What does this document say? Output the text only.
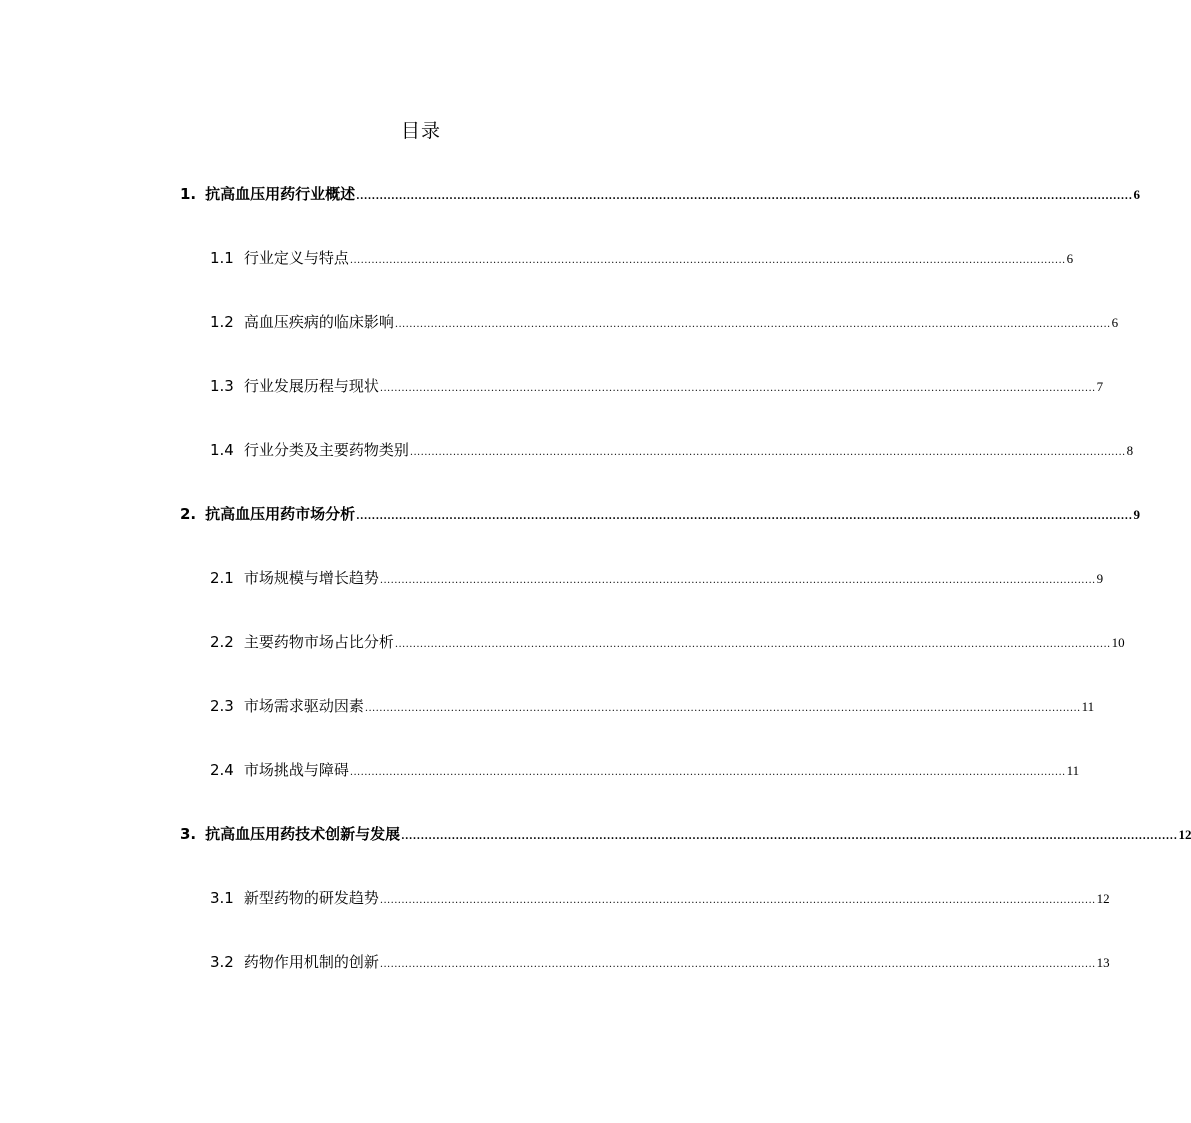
目录
1. 抗高血压用药行业概述 ........................................................................................................................................................................................................ 6
1.1 行业定义与特点 ........................................................................................................................................................................................................ 6
1.2 高血压疾病的临床影响 ........................................................................................................................................................................................................ 6
1.3 行业发展历程与现状 ........................................................................................................................................................................................................ 7
1.4 行业分类及主要药物类别 ........................................................................................................................................................................................................ 8
2. 抗高血压用药市场分析 ........................................................................................................................................................................................................ 9
2.1 市场规模与增长趋势 ........................................................................................................................................................................................................ 9
2.2 主要药物市场占比分析 ........................................................................................................................................................................................................ 10
2.3 市场需求驱动因素 ........................................................................................................................................................................................................ 11
2.4 市场挑战与障碍 ........................................................................................................................................................................................................ 11
3. 抗高血压用药技术创新与发展 ........................................................................................................................................................................................................ 12
3.1 新型药物的研发趋势 ........................................................................................................................................................................................................ 12
3.2 药物作用机制的创新 ........................................................................................................................................................................................................ 13
